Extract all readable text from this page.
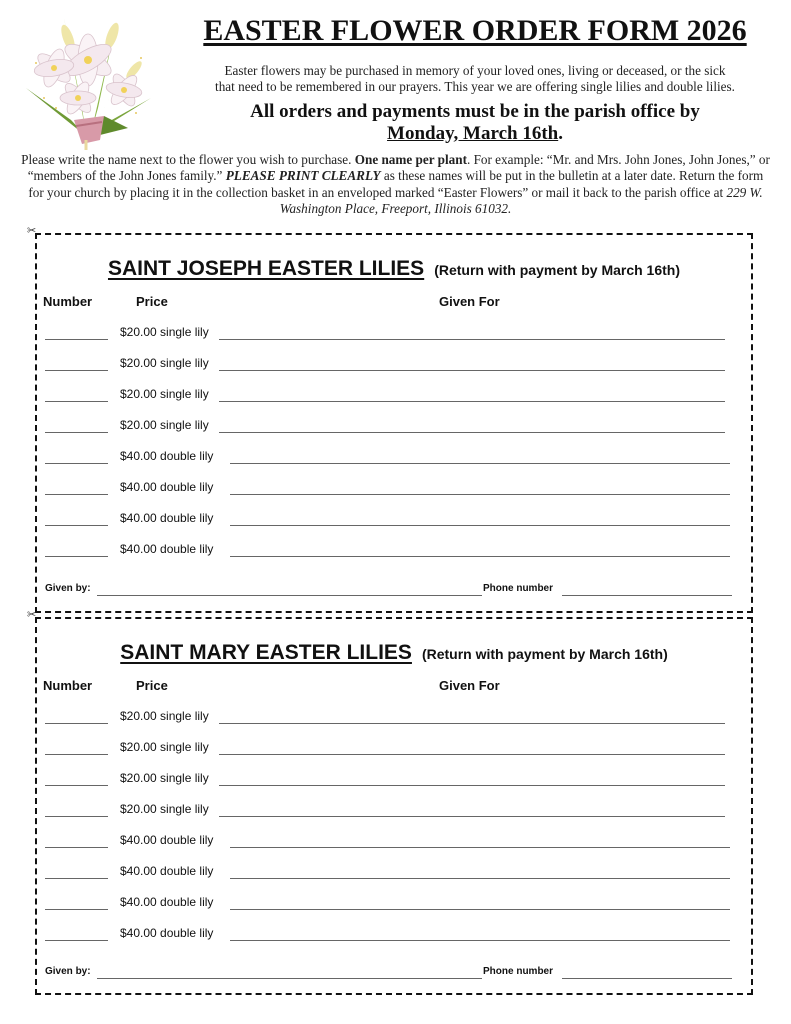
EASTER FLOWER ORDER FORM 2026
Easter flowers may be purchased in memory of your loved ones, living or deceased, or the sick
that need to be remembered in our prayers. This year we are offering single lilies and double lilies.
All orders and payments must be in the parish office by
Monday, March 16th.
Please write the name next to the flower you wish to purchase. One name per plant. For example: “Mr. and Mrs. John Jones, John Jones,” or “members of the John Jones family.” PLEASE PRINT CLEARLY as these names will be put in the bulletin at a later date. Return the form for your church by placing it in the collection basket in an enveloped marked “Easter Flowers” or mail it back to the parish office at 229 W. Washington Place, Freeport, Illinois 61032.
✂
SAINT JOSEPH EASTER LILIES (Return with payment by March 16th)
Number	Price	Given For
$20.00 single lily
$20.00 single lily
$20.00 single lily
$20.00 single lily
$40.00 double lily
$40.00 double lily
$40.00 double lily
$40.00 double lily
Given by:	Phone number
✂
SAINT MARY EASTER LILIES (Return with payment by March 16th)
Number	Price	Given For
$20.00 single lily
$20.00 single lily
$20.00 single lily
$20.00 single lily
$40.00 double lily
$40.00 double lily
$40.00 double lily
$40.00 double lily
Given by:	Phone number
